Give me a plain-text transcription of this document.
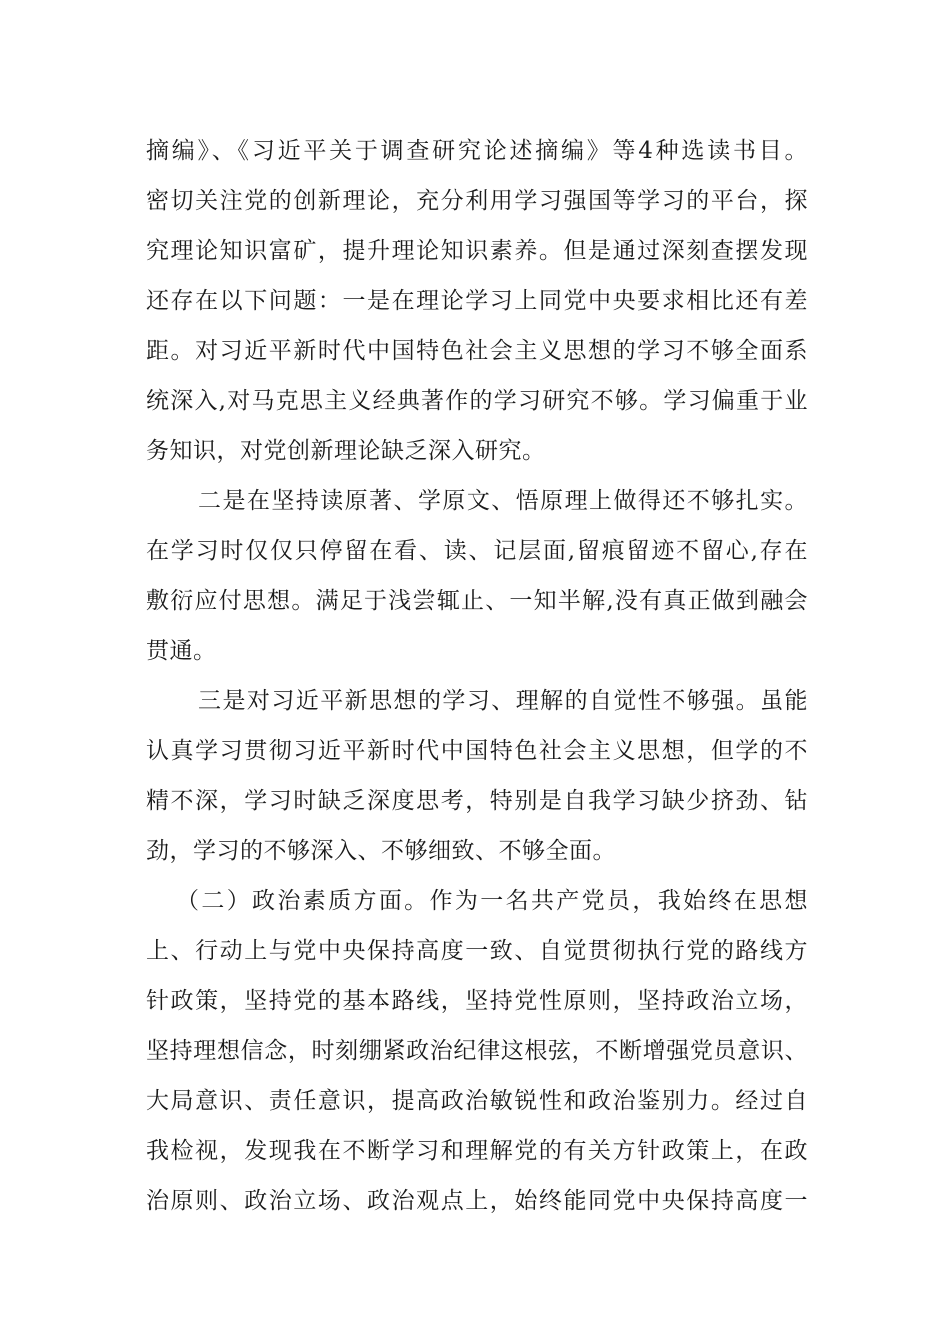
摘编》、《习近平关于调查研究论述摘编》等4种选读书目。
密切关注党的创新理论，充分利用学习强国等学习的平台，探
究理论知识富矿，提升理论知识素养。但是通过深刻查摆发现
还存在以下问题：一是在理论学习上同党中央要求相比还有差
距。对习近平新时代中国特色社会主义思想的学习不够全面系
统深入,对马克思主义经典著作的学习研究不够。学习偏重于业
务知识，对党创新理论缺乏深入研究。
二是在坚持读原著、学原文、悟原理上做得还不够扎实。
在学习时仅仅只停留在看、读、记层面,留痕留迹不留心,存在
敷衍应付思想。满足于浅尝辄止、一知半解,没有真正做到融会
贯通。
三是对习近平新思想的学习、理解的自觉性不够强。虽能
认真学习贯彻习近平新时代中国特色社会主义思想，但学的不
精不深，学习时缺乏深度思考，特别是自我学习缺少挤劲、钻
劲，学习的不够深入、不够细致、不够全面。
（二）政治素质方面。作为一名共产党员，我始终在思想
上、行动上与党中央保持高度一致、自觉贯彻执行党的路线方
针政策，坚持党的基本路线，坚持党性原则，坚持政治立场，
坚持理想信念，时刻绷紧政治纪律这根弦，不断增强党员意识、
大局意识、责任意识，提高政治敏锐性和政治鉴别力。经过自
我检视，发现我在不断学习和理解党的有关方针政策上，在政
治原则、政治立场、政治观点上，始终能同党中央保持高度一
